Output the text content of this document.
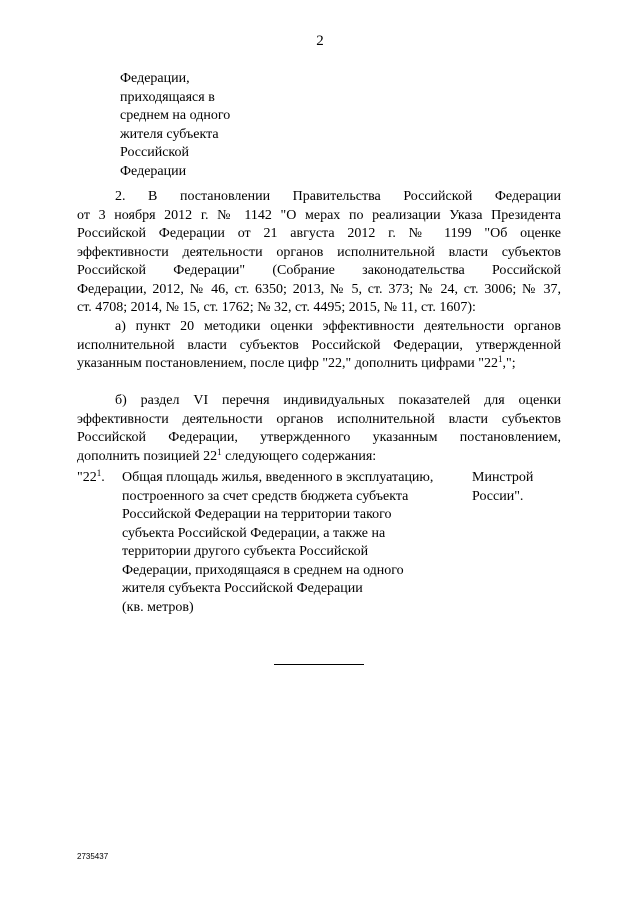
2
Федерации,
приходящаяся в
среднем на одного
жителя субъекта
Российской
Федерации
2. В постановлении Правительства Российской Федерации
от 3 ноября 2012 г. № 1142 "О мерах по реализации Указа Президента
Российской Федерации от 21 августа 2012 г. № 1199 "Об оценке
эффективности деятельности органов исполнительной власти субъектов
Российской Федерации" (Собрание законодательства Российской
Федерации, 2012, № 46, ст. 6350; 2013, № 5, ст. 373; № 24, ст. 3006; № 37,
ст. 4708; 2014, № 15, ст. 1762; № 32, ст. 4495; 2015, № 11, ст. 1607):
а) пункт 20 методики оценки эффективности деятельности органов
исполнительной власти субъектов Российской Федерации, утвержденной
указанным постановлением, после цифр "22," дополнить цифрами "$22^1$,";
б) раздел VI перечня индивидуальных показателей для оценки
эффективности деятельности органов исполнительной власти субъектов
Российской Федерации, утвержденного указанным постановлением,
дополнить позицией $22^1$ следующего содержания:
"$22^1$. Общая площадь жилья, введенного в эксплуатацию,
построенного за счет средств бюджета субъекта
Российской Федерации на территории такого
субъекта Российской Федерации, а также на
территории другого субъекта Российской
Федерации, приходящаяся в среднем на одного
жителя субъекта Российской Федерации
(кв. метров)
Минстрой
России".
2735437
